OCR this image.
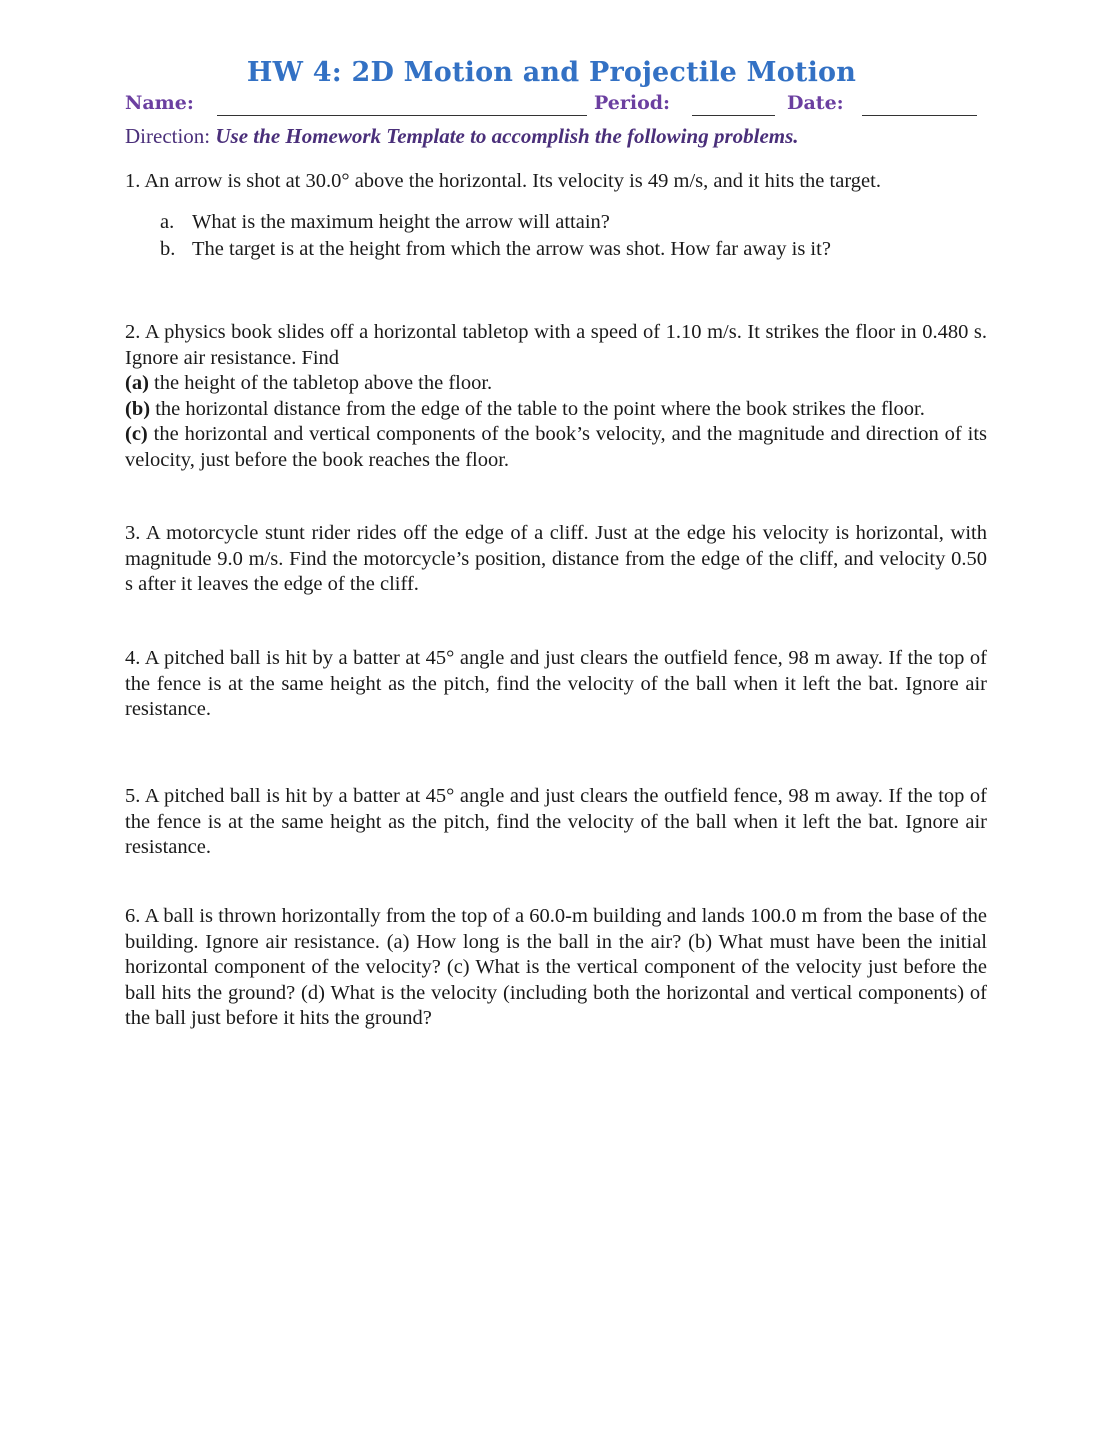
HW 4: 2D Motion and Projectile Motion
Name:	Period:	Date:
Direction: Use the Homework Template to accomplish the following problems.

1. An arrow is shot at 30.0° above the horizontal. Its velocity is 49 m/s, and it hits the target.

a. What is the maximum height the arrow will attain?
b. The target is at the height from which the arrow was shot. How far away is it?

2. A physics book slides off a horizontal tabletop with a speed of 1.10 m/s. It strikes the floor in 0.480 s. Ignore air resistance. Find

(a) the height of the tabletop above the floor.

(b) the horizontal distance from the edge of the table to the point where the book strikes the floor.

(c) the horizontal and vertical components of the book’s velocity, and the magnitude and direction of its velocity, just before the book reaches the floor.

3. A motorcycle stunt rider rides off the edge of a cliff. Just at the edge his velocity is horizontal, with magnitude 9.0 m/s. Find the motorcycle’s position, distance from the edge of the cliff, and velocity 0.50 s after it leaves the edge of the cliff.

4. A pitched ball is hit by a batter at 45° angle and just clears the outfield fence, 98 m away. If the top of the fence is at the same height as the pitch, find the velocity of the ball when it left the bat. Ignore air resistance.

5. A pitched ball is hit by a batter at 45° angle and just clears the outfield fence, 98 m away. If the top of the fence is at the same height as the pitch, find the velocity of the ball when it left the bat. Ignore air resistance.

6. A ball is thrown horizontally from the top of a 60.0-m building and lands 100.0 m from the base of the building. Ignore air resistance. (a) How long is the ball in the air? (b) What must have been the initial horizontal component of the velocity? (c) What is the vertical component of the velocity just before the ball hits the ground? (d) What is the velocity (including both the horizontal and vertical components) of the ball just before it hits the ground?
